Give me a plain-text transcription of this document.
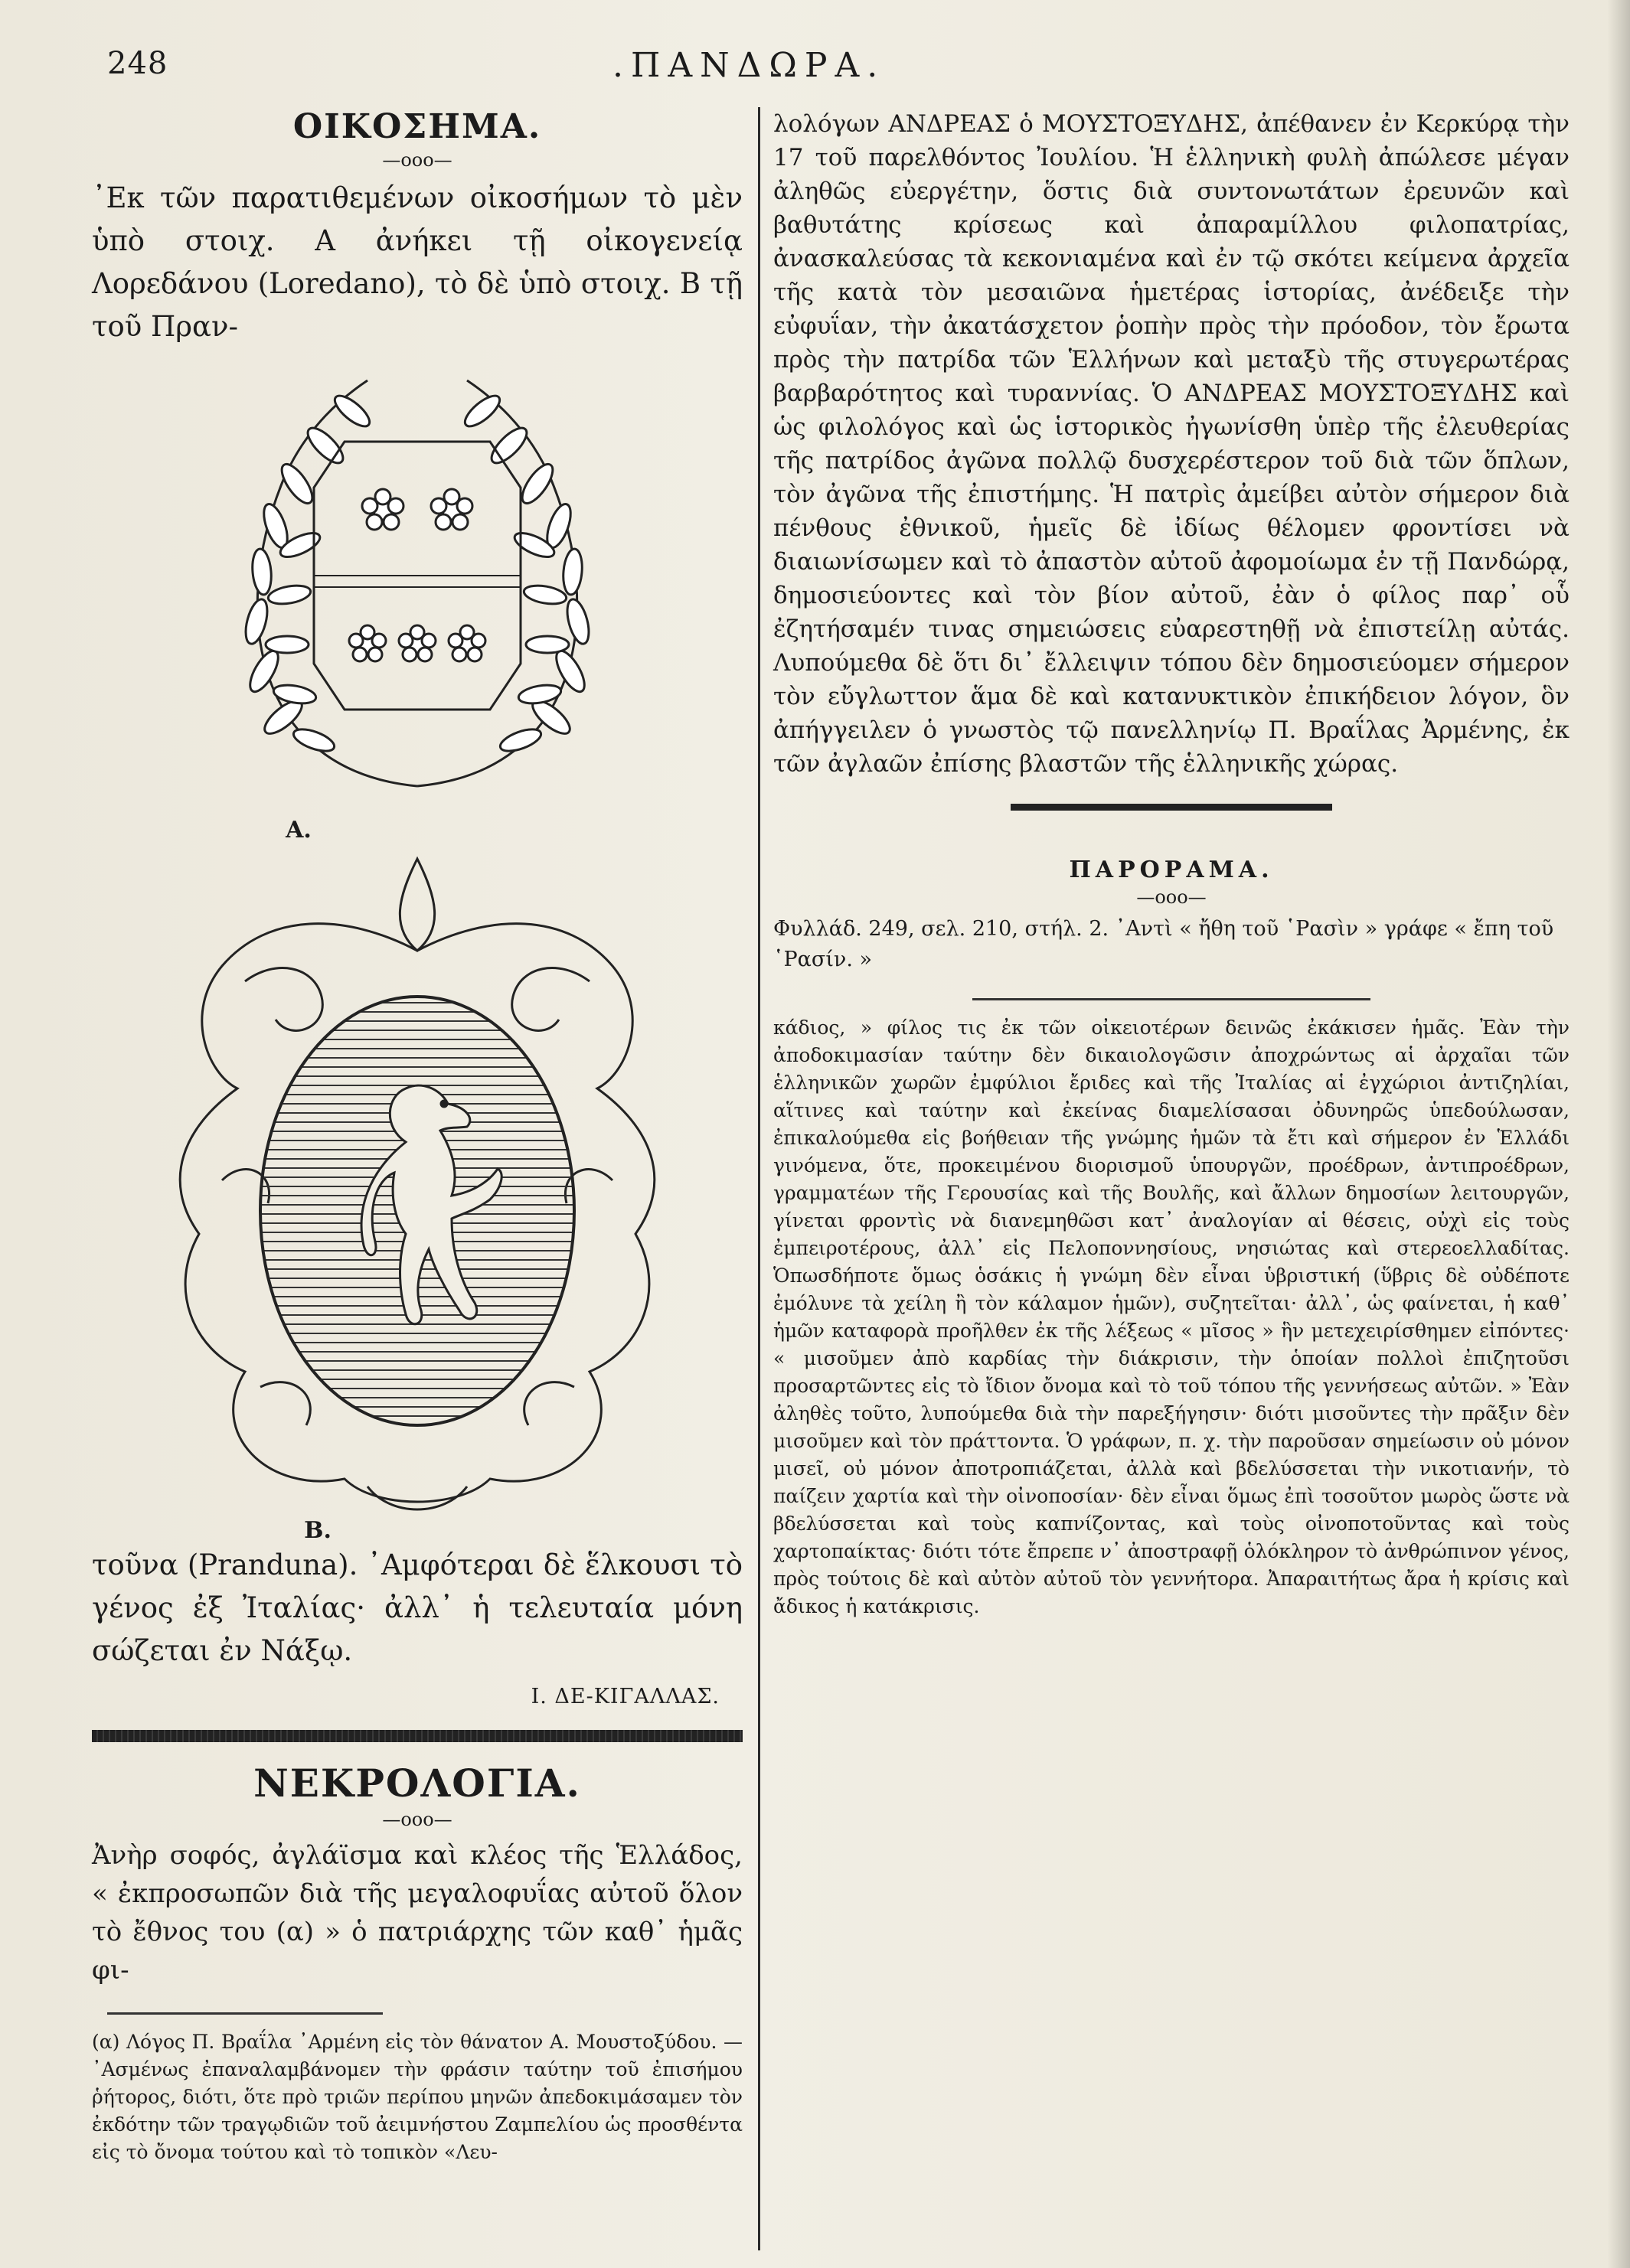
248	.ΠΑΝΔΩΡΑ.
ΟΙΚΟΣΗΜΑ.
—ooo—

᾽Εκ τῶν παρατιθεμένων οἰκοσήμων τὸ μὲν ὑπὸ στοιχ. Α ἀνήκει τῇ οἰκογενείᾳ Λορεδάνου (Loredano), τὸ δὲ ὑπὸ στοιχ. Β τῇ τοῦ Πραν-

A.

B.

τοῦνα (Pranduna). ᾽Αμφότεραι δὲ ἕλκουσι τὸ γένος ἐξ Ἰταλίας· ἀλλ᾽ ἡ τελευταία μόνη σώζεται ἐν Νάξῳ.

Ι. ΔΕ-ΚΙΓΑΛΛΑΣ.
ΝΕΚΡΟΛΟΓΙΑ.
—ooo—

Ἀνὴρ σοφός, ἀγλάϊσμα καὶ κλέος τῆς Ἑλλάδος, « ἐκπροσωπῶν διὰ τῆς μεγαλοφυΐας αὐτοῦ ὅλον τὸ ἔθνος του (α) » ὁ πατριάρχης τῶν καθ᾽ ἡμᾶς φι-

(α) Λόγος Π. Βραΐλα ᾽Αρμένη εἰς τὸν θάνατον Α. Μουστοξύδου. — ᾽Ασμένως ἐπαναλαμβάνομεν τὴν φράσιν ταύτην τοῦ ἐπισήμου ῥήτορος, διότι, ὅτε πρὸ τριῶν περίπου μηνῶν ἀπεδοκιμάσαμεν τὸν ἐκδότην τῶν τραγῳδιῶν τοῦ ἀειμνήστου Ζαμπελίου ὡς προσθέντα εἰς τὸ ὄνομα τούτου καὶ τὸ τοπικὸν «Λευ-

λολόγων ΑΝΔΡΕΑΣ ὁ ΜΟΥΣΤΟΞΥΔΗΣ, ἀπέθανεν ἐν Κερκύρᾳ τὴν 17 τοῦ παρελθόντος Ἰουλίου. Ἡ ἑλληνικὴ φυλὴ ἀπώλεσε μέγαν ἀληθῶς εὐεργέτην, ὅστις διὰ συντονωτάτων ἐρευνῶν καὶ βαθυτάτης κρίσεως καὶ ἀπαραμίλλου φιλοπατρίας, ἀνασκαλεύσας τὰ κεκονιαμένα καὶ ἐν τῷ σκότει κείμενα ἀρχεῖα τῆς κατὰ τὸν μεσαιῶνα ἡμετέρας ἱστορίας, ἀνέδειξε τὴν εὐφυΐαν, τὴν ἀκατάσχετον ῥοπὴν πρὸς τὴν πρόοδον, τὸν ἔρωτα πρὸς τὴν πατρίδα τῶν Ἑλλήνων καὶ μεταξὺ τῆς στυγερωτέρας βαρβαρότητος καὶ τυραννίας. Ὁ ΑΝΔΡΕΑΣ ΜΟΥΣΤΟΞΥΔΗΣ καὶ ὡς φιλολόγος καὶ ὡς ἱστορικὸς ἠγωνίσθη ὑπὲρ τῆς ἐλευθερίας τῆς πατρίδος ἀγῶνα πολλῷ δυσχερέστερον τοῦ διὰ τῶν ὅπλων, τὸν ἀγῶνα τῆς ἐπιστήμης. Ἡ πατρὶς ἀμείβει αὐτὸν σήμερον διὰ πένθους ἐθνικοῦ, ἡμεῖς δὲ ἰδίως θέλομεν φροντίσει νὰ διαιωνίσωμεν καὶ τὸ ἀπαστὸν αὐτοῦ ἀφομοίωμα ἐν τῇ Πανδώρᾳ, δημοσιεύοντες καὶ τὸν βίον αὐτοῦ, ἐὰν ὁ φίλος παρ᾽ οὗ ἐζητήσαμέν τινας σημειώσεις εὐαρεστηθῇ νὰ ἐπιστείλῃ αὐτάς. Λυπούμεθα δὲ ὅτι δι᾽ ἔλλειψιν τόπου δὲν δημοσιεύομεν σήμερον τὸν εὔγλωττον ἅμα δὲ καὶ κατανυκτικὸν ἐπικήδειον λόγον, ὃν ἀπήγγειλεν ὁ γνωστὸς τῷ πανελληνίῳ Π. Βραΐλας Ἀρμένης, ἐκ τῶν ἀγλαῶν ἐπίσης βλαστῶν τῆς ἑλληνικῆς χώρας.

ΠΑΡΟΡΑΜΑ.
—ooo—

Φυλλάδ. 249, σελ. 210, στήλ. 2. ᾽Αντὶ « ἤθη τοῦ ῾Ρασὶν » γράφε « ἔπη τοῦ ῾Ρασίν. »

κάδιος, » φίλος τις ἐκ τῶν οἰκειοτέρων δεινῶς ἐκάκισεν ἡμᾶς. Ἐὰν τὴν ἀποδοκιμασίαν ταύτην δὲν δικαιολογῶσιν ἀποχρώντως αἱ ἀρχαῖαι τῶν ἑλληνικῶν χωρῶν ἐμφύλιοι ἔριδες καὶ τῆς Ἰταλίας αἱ ἐγχώριοι ἀντιζηλίαι, αἵτινες καὶ ταύτην καὶ ἐκείνας διαμελίσασαι ὀδυνηρῶς ὑπεδούλωσαν, ἐπικαλούμεθα εἰς βοήθειαν τῆς γνώμης ἡμῶν τὰ ἔτι καὶ σήμερον ἐν Ἑλλάδι γινόμενα, ὅτε, προκειμένου διορισμοῦ ὑπουργῶν, προέδρων, ἀντιπροέδρων, γραμματέων τῆς Γερουσίας καὶ τῆς Βουλῆς, καὶ ἄλλων δημοσίων λειτουργῶν, γίνεται φροντὶς νὰ διανεμηθῶσι κατ᾽ ἀναλογίαν αἱ θέσεις, οὐχὶ εἰς τοὺς ἐμπειροτέρους, ἀλλ᾽ εἰς Πελοποννησίους, νησιώτας καὶ στερεοελλαδίτας. Ὁπωσδήποτε ὅμως ὁσάκις ἡ γνώμη δὲν εἶναι ὑβριστική (ὕβρις δὲ οὐδέποτε ἐμόλυνε τὰ χείλη ἢ τὸν κάλαμον ἡμῶν), συζητεῖται· ἀλλ᾽, ὡς φαίνεται, ἡ καθ᾽ ἡμῶν καταφορὰ προῆλθεν ἐκ τῆς λέξεως « μῖσος » ἣν μετεχειρίσθημεν εἰπόντες· « μισοῦμεν ἀπὸ καρδίας τὴν διάκρισιν, τὴν ὁποίαν πολλοὶ ἐπιζητοῦσι προσαρτῶντες εἰς τὸ ἴδιον ὄνομα καὶ τὸ τοῦ τόπου τῆς γεννήσεως αὐτῶν. » Ἐὰν ἀληθὲς τοῦτο, λυπούμεθα διὰ τὴν παρεξήγησιν· διότι μισοῦντες τὴν πρᾶξιν δὲν μισοῦμεν καὶ τὸν πράττοντα. Ὁ γράφων, π. χ. τὴν παροῦσαν σημείωσιν οὐ μόνον μισεῖ, οὐ μόνον ἀποτροπιάζεται, ἀλλὰ καὶ βδελύσσεται τὴν νικοτιανήν, τὸ παίζειν χαρτία καὶ τὴν οἰνοποσίαν· δὲν εἶναι ὅμως ἐπὶ τοσοῦτον μωρὸς ὥστε νὰ βδελύσσεται καὶ τοὺς καπνίζοντας, καὶ τοὺς οἰνοποτοῦντας καὶ τοὺς χαρτοπαίκτας· διότι τότε ἔπρεπε ν᾽ ἀποστραφῇ ὁλόκληρον τὸ ἀνθρώπινον γένος, πρὸς τούτοις δὲ καὶ αὐτὸν αὐτοῦ τὸν γεννήτορα. Ἀπαραιτήτως ἄρα ἡ κρίσις καὶ ἄδικος ἡ κατάκρισις.
